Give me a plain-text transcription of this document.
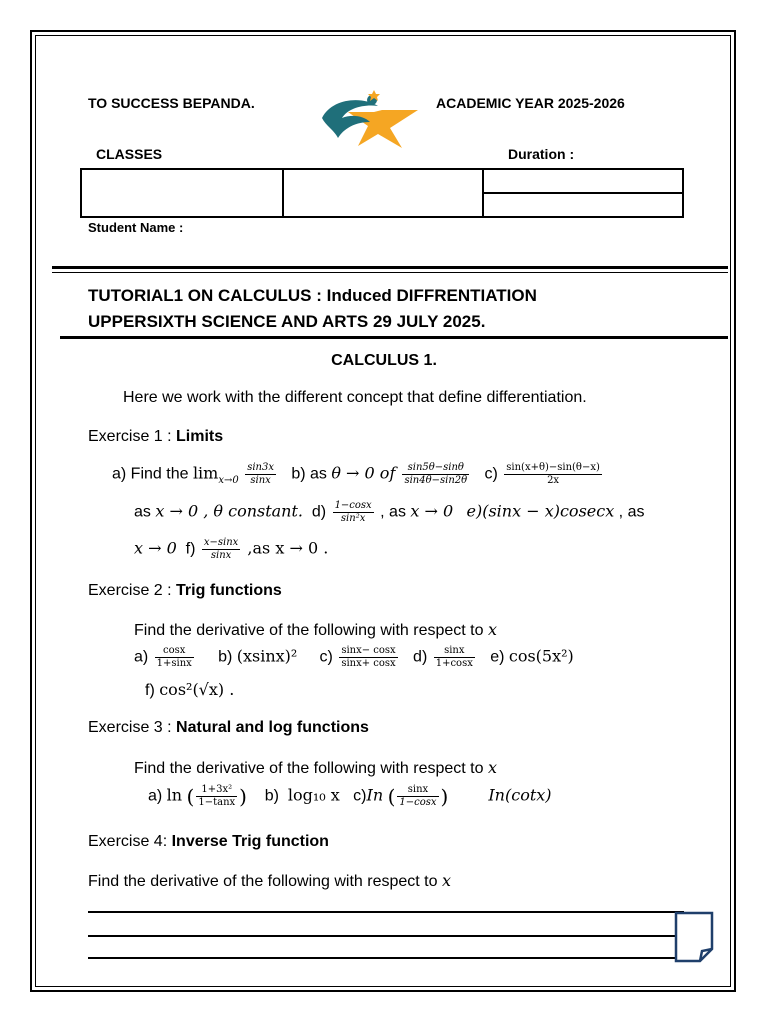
TO SUCCESS BEPANDA.	ACADEMIC YEAR 2025-2026
CLASSES	Duration :
Student Name :
TUTORIAL1 ON CALCULUS : Induced DIFFRENTIATION
UPPERSIXTH SCIENCE AND ARTS 29 JULY 2025.
CALCULUS 1.
Here we work with the different concept that define differentiation.
Exercise 1 : Limits
a) Find the $\lim_{x\to 0} \frac{\sin 3x}{\sin x} b$) as θ → 0 of $\frac{\sin 5\theta-\sin\theta}{\sin 4\theta-\sin 2\theta} c) \frac{\sin(x+\theta)-\sin(\theta-x)}{2x}$
as x → 0 , θ constant. $d) \frac{1-\cos x}{\text{sin²x}}$ , as x → 0 e)(sinx − x)cosecx , as
x → 0 $f) \frac{x-\sin x}{\sin x} ,as$ x → 0 .
Exercise 2 : Trig functions
Find the derivative of the following with respect to x
$a) \frac{\cos x}{1+\sin x} b$) (xsinx)² $c) \frac{\sin x- \cos x}{\sin x+ \cos x} d) \frac{\sin x}{1+\cos x} e$) cos(5x²)
f) cos²(√x) .
Exercise 3 : Natural and log functions
Find the derivative of the following with respect to x
a) ln ( $\frac{\text{1+3x²}}{1-\tan x}$ ) b)  log₁₀ x c)In ( $\frac{\sin x}{1-\cos x}$ )	In(cotx)
Exercise 4: Inverse Trig function
Find the derivative of the following with respect to x
